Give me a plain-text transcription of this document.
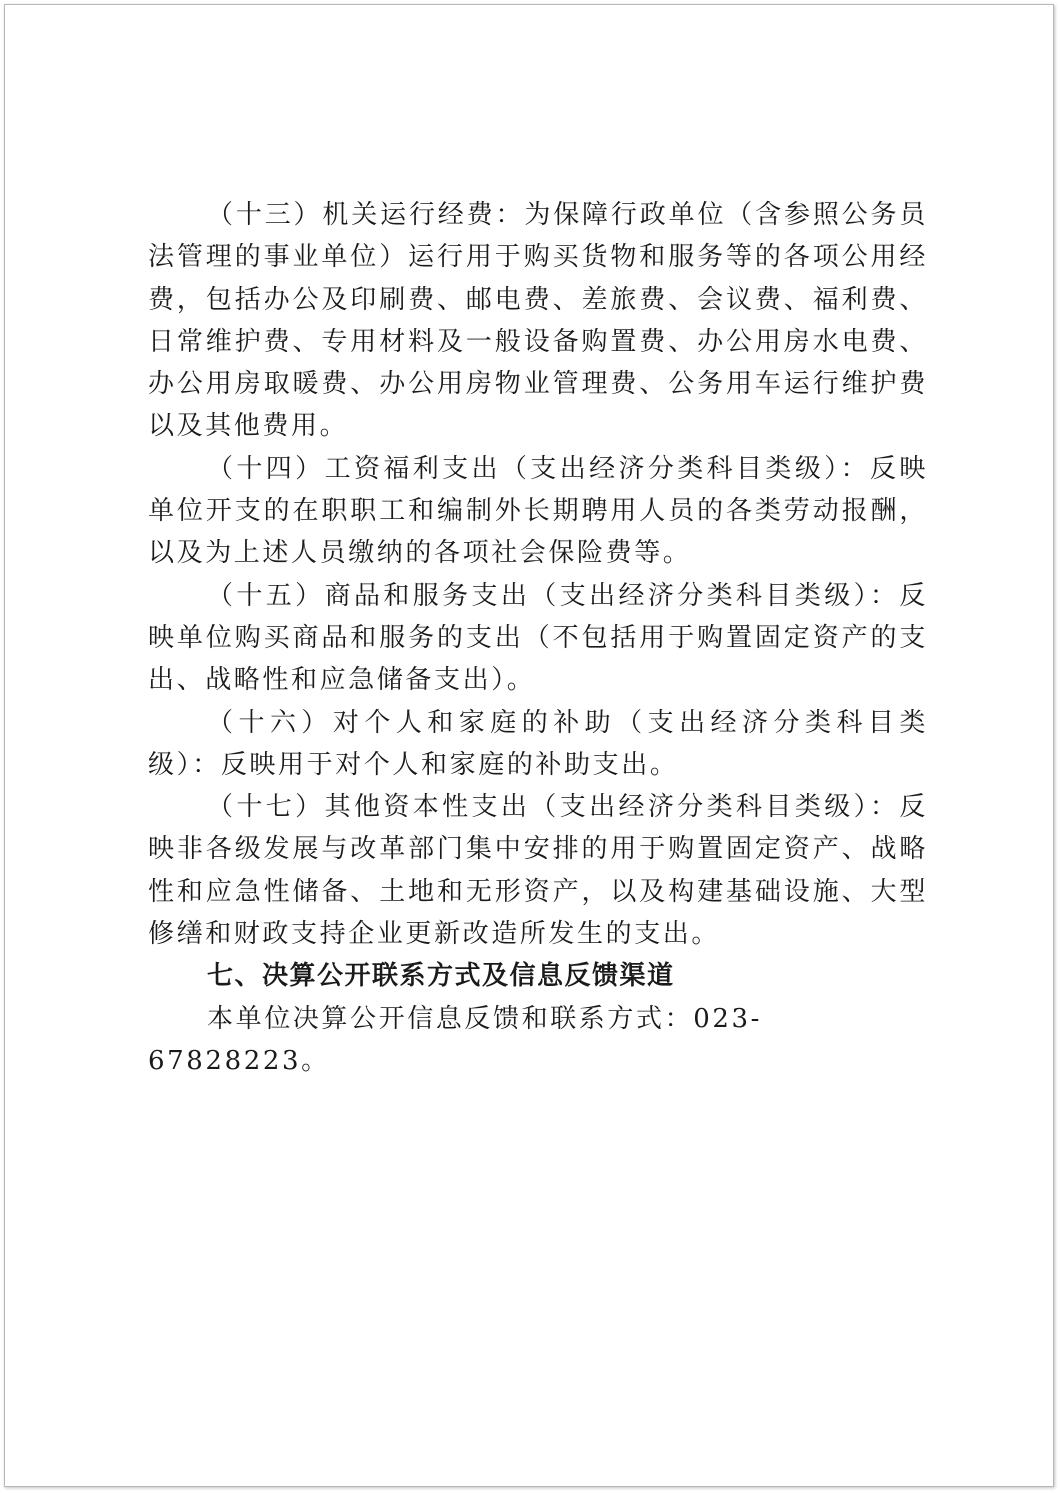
（十三）机关运行经费：为保障行政单位（含参照公务员法管理的事业单位）运行用于购买货物和服务等的各项公用经费，包括办公及印刷费、邮电费、差旅费、会议费、福利费、日常维护费、专用材料及一般设备购置费、办公用房水电费、办公用房取暖费、办公用房物业管理费、公务用车运行维护费以及其他费用。

（十四）工资福利支出（支出经济分类科目类级）：反映单位开支的在职职工和编制外长期聘用人员的各类劳动报酬，以及为上述人员缴纳的各项社会保险费等。

（十五）商品和服务支出（支出经济分类科目类级）：反映单位购买商品和服务的支出（不包括用于购置固定资产的支出、战略性和应急储备支出）。

（十六）对个人和家庭的补助（支出经济分类科目类级）：反映用于对个人和家庭的补助支出。

（十七）其他资本性支出（支出经济分类科目类级）：反映非各级发展与改革部门集中安排的用于购置固定资产、战略性和应急性储备、土地和无形资产，以及构建基础设施、大型修缮和财政支持企业更新改造所发生的支出。

七、决算公开联系方式及信息反馈渠道

本单位决算公开信息反馈和联系方式：023-67828223。
